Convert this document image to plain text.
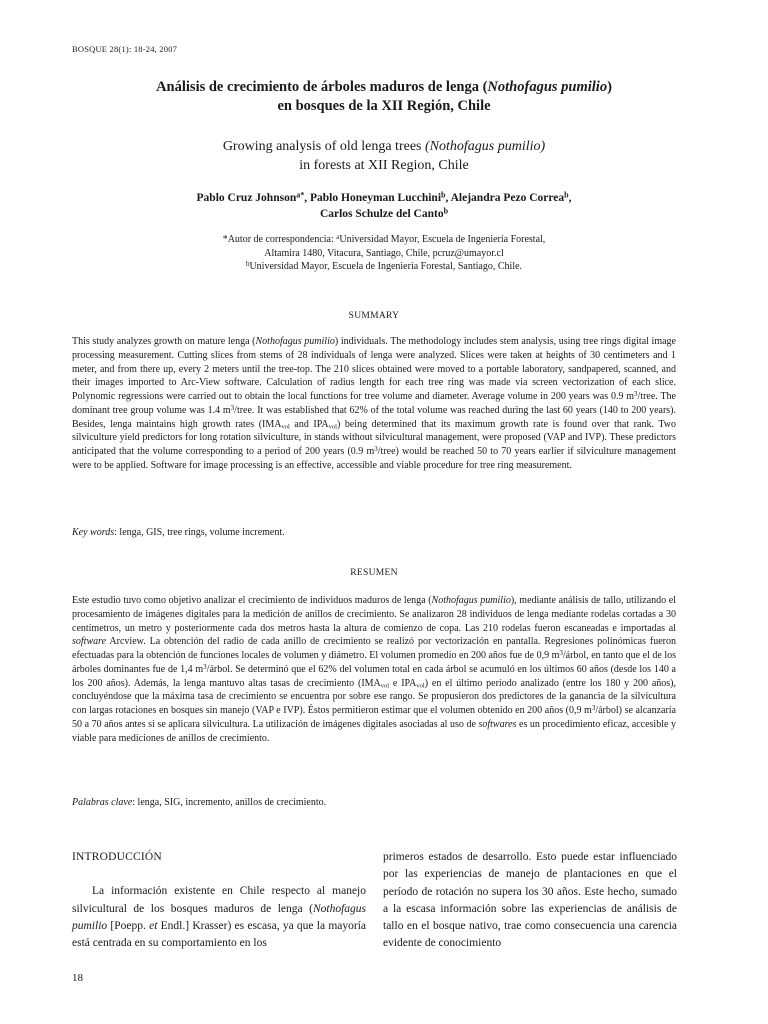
BOSQUE 28(1): 18-24, 2007
Análisis de crecimiento de árboles maduros de lenga (Nothofagus pumilio)
en bosques de la XII Región, Chile
Growing analysis of old lenga trees (Nothofagus pumilio)
in forests at XII Region, Chile
Pablo Cruz Johnson$^{a*}$, Pablo Honeyman Lucchini$^b$, Alejandra Pezo Correa$^b$,
Carlos Schulze del Canto$^b$
*Autor de correspondencia: $^a$Universidad Mayor, Escuela de Ingeniería Forestal,
Altamira 1480, Vitacura, Santiago, Chile, pcruz@umayor.cl
$^b$Universidad Mayor, Escuela de Ingeniería Forestal, Santiago, Chile.
SUMMARY

This study analyzes growth on mature lenga (Nothofagus pumilio) individuals. The methodology includes stem analysis, using tree rings digital image processing measurement. Cutting slices from stems of 28 individuals of lenga were analyzed. Slices were taken at heights of 30 centimeters and 1 meter, and from there up, every 2 meters until the tree-top. The 210 slices obtained were moved to a portable laboratory, sandpapered, scanned, and their images imported to Arc-View software. Calculation of radius length for each tree ring was made via screen vectorization of each slice. Polynomic regressions were carried out to obtain the local functions for tree volume and diameter. Average volume in 200 years was 0.9 $m^3$/tree. The dominant tree group volume was 1.4 $m^3$/tree. It was established that 62% of the total volume was reached during the last 60 years (140 to 200 years). Besides, lenga maintains high growth rates ($IMA_{vol}$ and $IPA_{vol}$) being determined that its maximum growth rate is found over that rank. Two silviculture yield predictors for long rotation silviculture, in stands without silvicultural management, were proposed (VAP and IVP). These predictors anticipated that the volume corresponding to a period of 200 years (0.9 $m^3/tree$) would be reached 50 to 70 years earlier if silviculture management were to be applied. Software for image processing is an effective, accessible and viable procedure for tree ring measurement.

Key words: lenga, GIS, tree rings, volume increment.
RESUMEN

Este estudio tuvo como objetivo analizar el crecimiento de individuos maduros de lenga (Nothofagus pumilio), mediante análisis de tallo, utilizando el procesamiento de imágenes digitales para la medición de anillos de crecimiento. Se analizaron 28 individuos de lenga mediante rodelas cortadas a 30 centímetros, un metro y posteriormente cada dos metros hasta la altura de comienzo de copa. Las 210 rodelas fueron escaneadas e importadas al software Arcview. La obtención del radio de cada anillo de crecimiento se realizó por vectorización en pantalla. Regresiones polinómicas fueron efectuadas para la obtención de funciones locales de volumen y diámetro. El volumen promedio en 200 años fue de 0,9 $m^3$/árbol, en tanto que el de los árboles dominantes fue de 1,4 $m^3$/árbol. Se determinó que el 62% del volumen total en cada árbol se acumuló en los últimos 60 años (desde los 140 a los 200 años). Además, la lenga mantuvo altas tasas de crecimiento ($IMA_{vol}$ e $IPA_{vol}$) en el último período analizado (entre los 180 y 200 años), concluyéndose que la máxima tasa de crecimiento se encuentra por sobre ese rango. Se propusieron dos predictores de la ganancia de la silvicultura con largas rotaciones en bosques sin manejo (VAP e IVP). Éstos permitieron estimar que el volumen obtenido en 200 años (0,9 $m^3/árbol$) se alcanzaría 50 a 70 años antes si se aplicara silvicultura. La utilización de imágenes digitales asociadas al uso de softwares es un procedimiento eficaz, accesible y viable para mediciones de anillos de crecimiento.

Palabras clave: lenga, SIG, incremento, anillos de crecimiento.

INTRODUCCIÓN

La información existente en Chile respecto al manejo silvicultural de los bosques maduros de lenga (Nothofagus pumilio [Poepp. et Endl.] Krasser) es escasa, ya que la mayoría está centrada en su comportamiento en los

primeros estados de desarrollo. Esto puede estar influenciado por las experiencias de manejo de plantaciones en que el período de rotación no supera los 30 años. Este hecho, sumado a la escasa información sobre las experiencias de análisis de tallo en el bosque nativo, trae como consecuencia una carencia evidente de conocimiento

18
